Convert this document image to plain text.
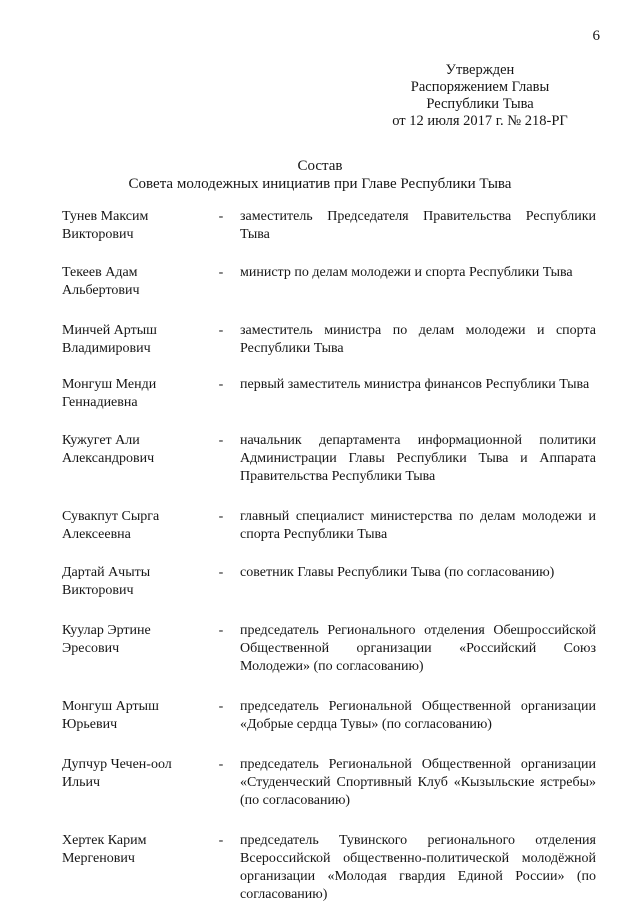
6
Утвержден
Распоряжением Главы
Республики Тыва
от 12 июля 2017 г. № 218-РГ
Состав
Совета молодежных инициатив при Главе Республики Тыва
Тунев Максим Викторович
-	заместитель Председателя Правительства Республики Тыва
Текеев Адам Альбертович
-	министр по делам молодежи и спорта Республики Тыва
Минчей Артыш Владимирович
-	заместитель министра по делам молодежи и спорта Республики Тыва
Монгуш Менди Геннадиевна
-	первый заместитель министра финансов Республики Тыва
Кужугет Али Александрович
-	начальник департамента информационной политики Администрации Главы Республики Тыва и Аппарата Правительства Республики Тыва
Сувакпут Сырга Алексеевна
-	главный специалист министерства по делам молодежи и спорта Республики Тыва
Дартай Ачыты Викторович
-	советник Главы Республики Тыва (по согласованию)
Куулар Эртине Эресович
-	председатель Регионального отделения Обешроссийской Общественной организации «Российский Союз Молодежи» (по согласованию)
Монгуш Артыш Юрьевич
-	председатель Региональной Общественной организации «Добрые сердца Тувы» (по согласованию)
Дупчур Чечен-оол Ильич
-	председатель Региональной Общественной организации «Студенческий Спортивный Клуб «Кызыльские ястребы» (по согласованию)
Хертек Карим Мергенович
-	председатель Тувинского регионального отделения Всероссийской общественно-политической молодёжной организации «Молодая гвардия Единой России» (по согласованию)
